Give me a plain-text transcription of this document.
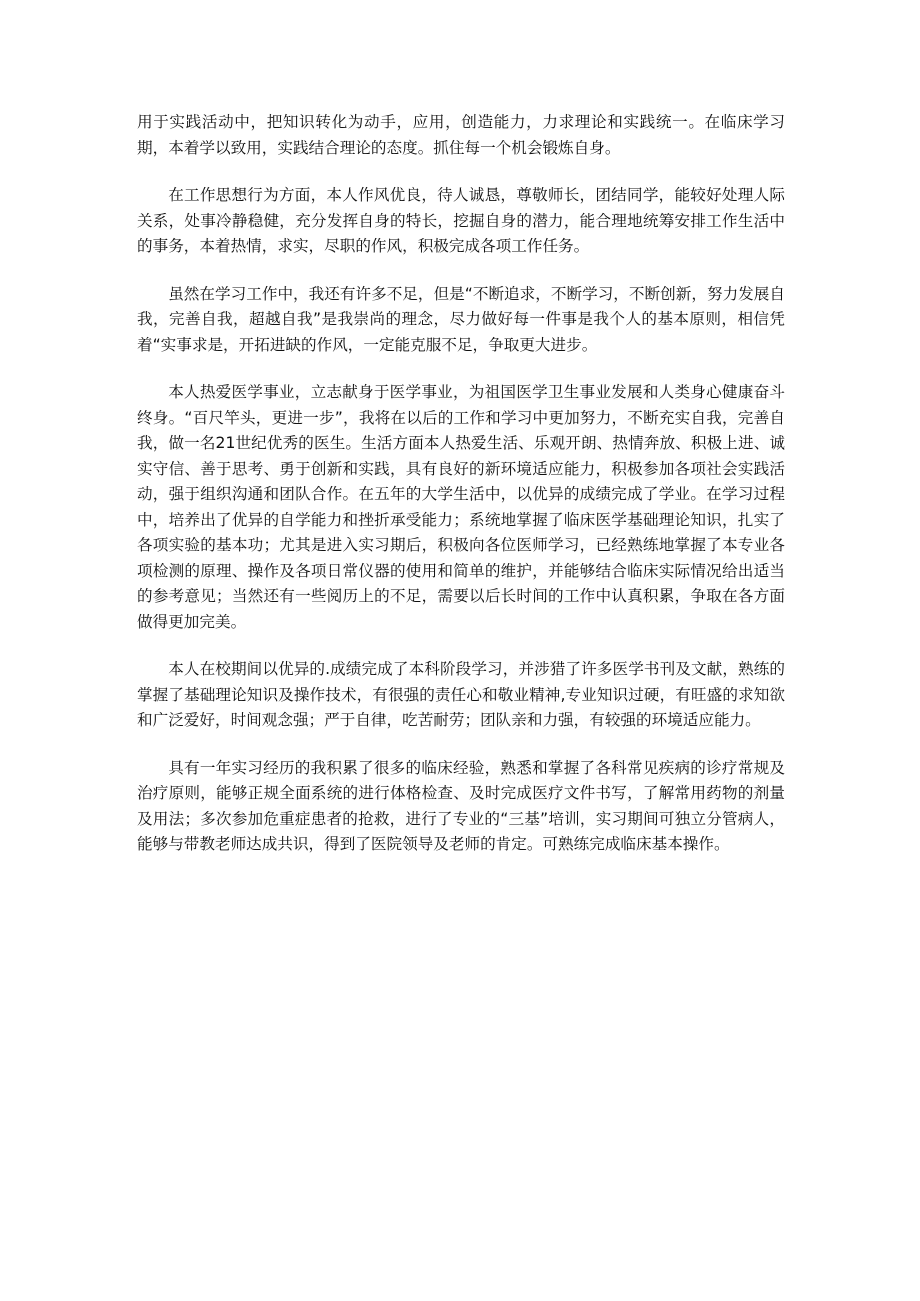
用于实践活动中，把知识转化为动手，应用，创造能力，力求理论和实践统一。在临床学习期，本着学以致用，实践结合理论的态度。抓住每一个机会锻炼自身。

在工作思想行为方面，本人作风优良，待人诚恳，尊敬师长，团结同学，能较好处理人际关系，处事冷静稳健，充分发挥自身的特长，挖掘自身的潜力，能合理地统筹安排工作生活中的事务，本着热情，求实，尽职的作风，积极完成各项工作任务。

虽然在学习工作中，我还有许多不足，但是“不断追求，不断学习，不断创新，努力发展自我，完善自我，超越自我”是我崇尚的理念，尽力做好每一件事是我个人的基本原则，相信凭着“实事求是，开拓进缺的作风，一定能克服不足，争取更大进步。

本人热爱医学事业，立志献身于医学事业，为祖国医学卫生事业发展和人类身心健康奋斗终身。“百尺竿头，更进一步”，我将在以后的工作和学习中更加努力，不断充实自我，完善自我，做一名21世纪优秀的医生。生活方面本人热爱生活、乐观开朗、热情奔放、积极上进、诚实守信、善于思考、勇于创新和实践，具有良好的新环境适应能力，积极参加各项社会实践活动，强于组织沟通和团队合作。在五年的大学生活中，以优异的成绩完成了学业。在学习过程中，培养出了优异的自学能力和挫折承受能力；系统地掌握了临床医学基础理论知识，扎实了各项实验的基本功；尤其是进入实习期后，积极向各位医师学习，已经熟练地掌握了本专业各项检测的原理、操作及各项日常仪器的使用和简单的维护，并能够结合临床实际情况给出适当的参考意见；当然还有一些阅历上的不足，需要以后长时间的工作中认真积累，争取在各方面做得更加完美。

本人在校期间以优异的.成绩完成了本科阶段学习，并涉猎了许多医学书刊及文献，熟练的掌握了基础理论知识及操作技术，有很强的责任心和敬业精神,专业知识过硬，有旺盛的求知欲和广泛爱好，时间观念强；严于自律，吃苦耐劳；团队亲和力强，有较强的环境适应能力。

具有一年实习经历的我积累了很多的临床经验，熟悉和掌握了各科常见疾病的诊疗常规及治疗原则，能够正规全面系统的进行体格检查、及时完成医疗文件书写，了解常用药物的剂量及用法；多次参加危重症患者的抢救，进行了专业的“三基”培训，实习期间可独立分管病人，能够与带教老师达成共识，得到了医院领导及老师的肯定。可熟练完成临床基本操作。
